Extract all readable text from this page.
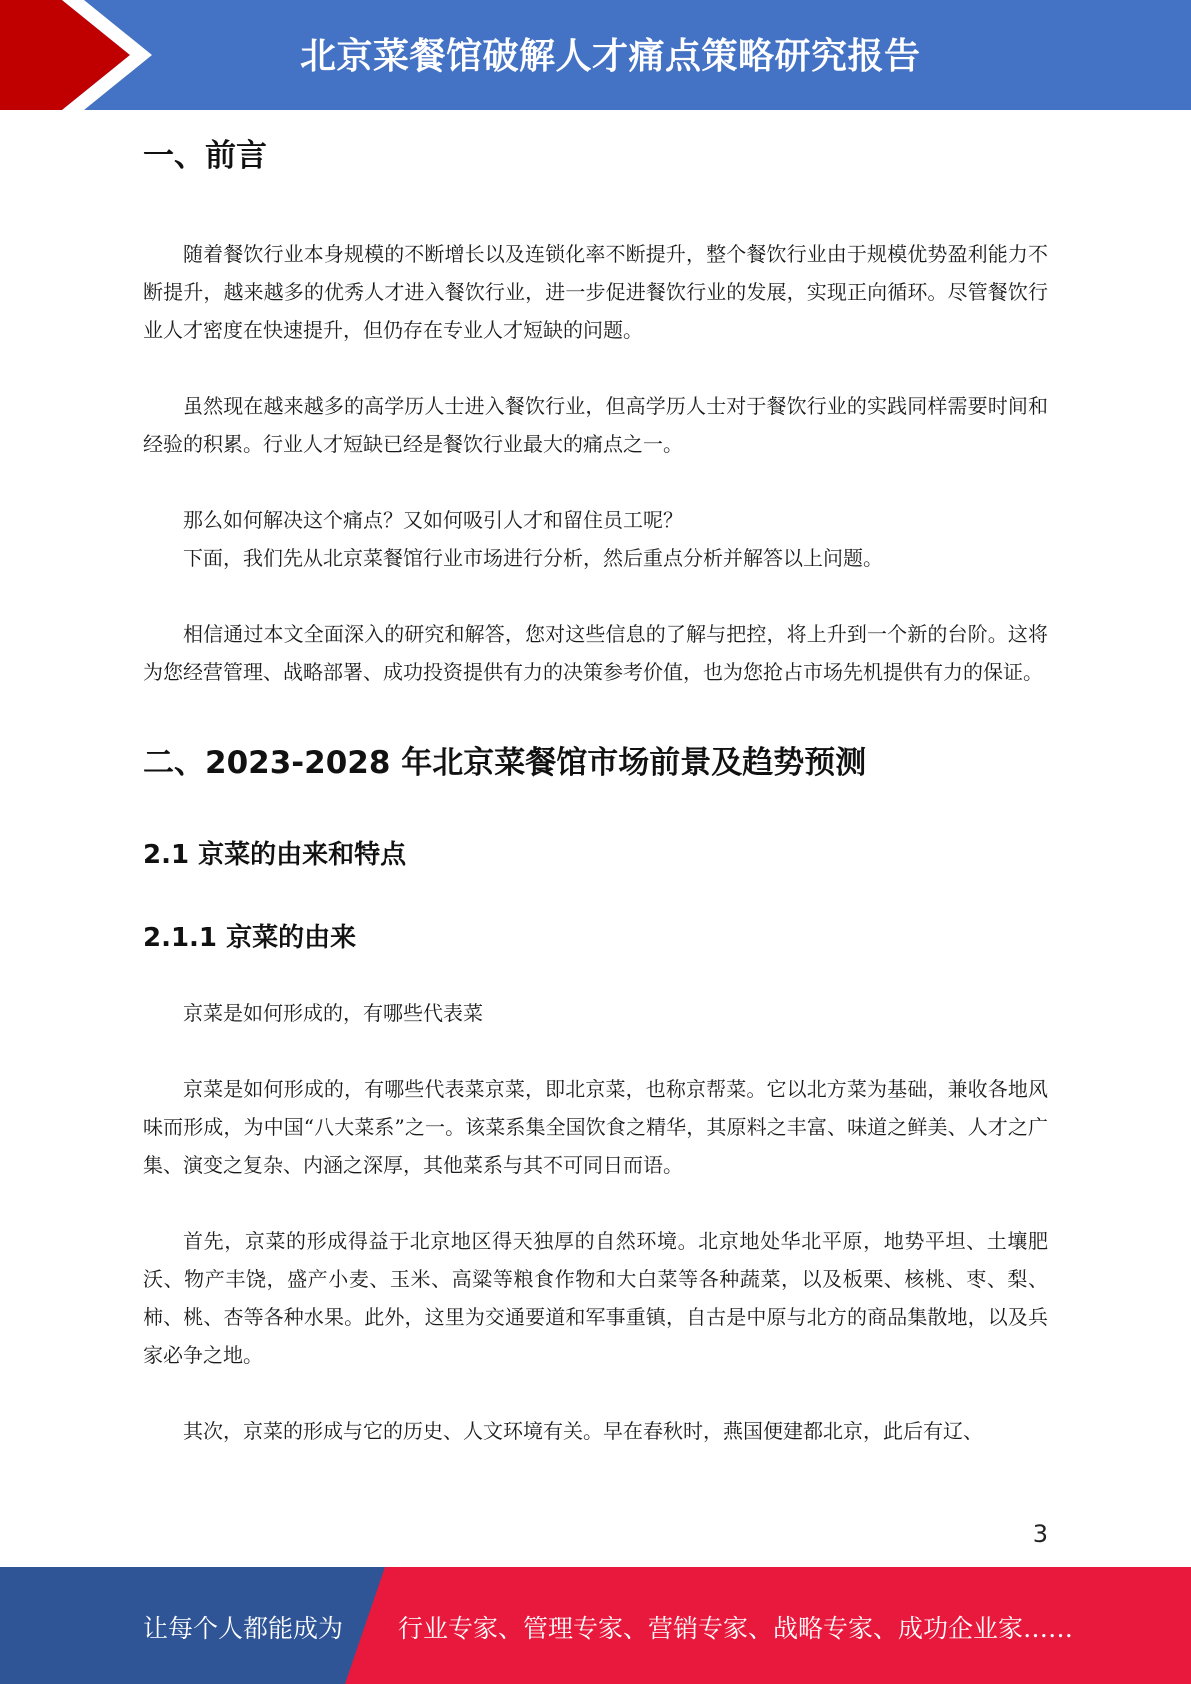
北京菜餐馆破解人才痛点策略研究报告
一、前言

随着餐饮行业本身规模的不断增长以及连锁化率不断提升，整个餐饮行业由于规模优势盈利能力不断提升，越来越多的优秀人才进入餐饮行业，进一步促进餐饮行业的发展，实现正向循环。尽管餐饮行业人才密度在快速提升，但仍存在专业人才短缺的问题。

虽然现在越来越多的高学历人士进入餐饮行业，但高学历人士对于餐饮行业的实践同样需要时间和经验的积累。行业人才短缺已经是餐饮行业最大的痛点之一。

那么如何解决这个痛点？又如何吸引人才和留住员工呢？

下面，我们先从北京菜餐馆行业市场进行分析，然后重点分析并解答以上问题。

相信通过本文全面深入的研究和解答，您对这些信息的了解与把控，将上升到一个新的台阶。这将为您经营管理、战略部署、成功投资提供有力的决策参考价值，也为您抢占市场先机提供有力的保证。

二、2023-2028 年北京菜餐馆市场前景及趋势预测
2.1 京菜的由来和特点
2.1.1 京菜的由来

京菜是如何形成的，有哪些代表菜

京菜是如何形成的，有哪些代表菜京菜，即北京菜，也称京帮菜。它以北方菜为基础，兼收各地风味而形成，为中国“八大菜系”之一。该菜系集全国饮食之精华，其原料之丰富、味道之鲜美、人才之广集、演变之复杂、内涵之深厚，其他菜系与其不可同日而语。

首先，京菜的形成得益于北京地区得天独厚的自然环境。北京地处华北平原，地势平坦、土壤肥沃、物产丰饶，盛产小麦、玉米、高粱等粮食作物和大白菜等各种蔬菜，以及板栗、核桃、枣、梨、柿、桃、杏等各种水果。此外，这里为交通要道和军事重镇，自古是中原与北方的商品集散地，以及兵家必争之地。

其次，京菜的形成与它的历史、人文环境有关。早在春秋时，燕国便建都北京，此后有辽、

3
让每个人都能成为 行业专家、管理专家、营销专家、战略专家、成功企业家……
